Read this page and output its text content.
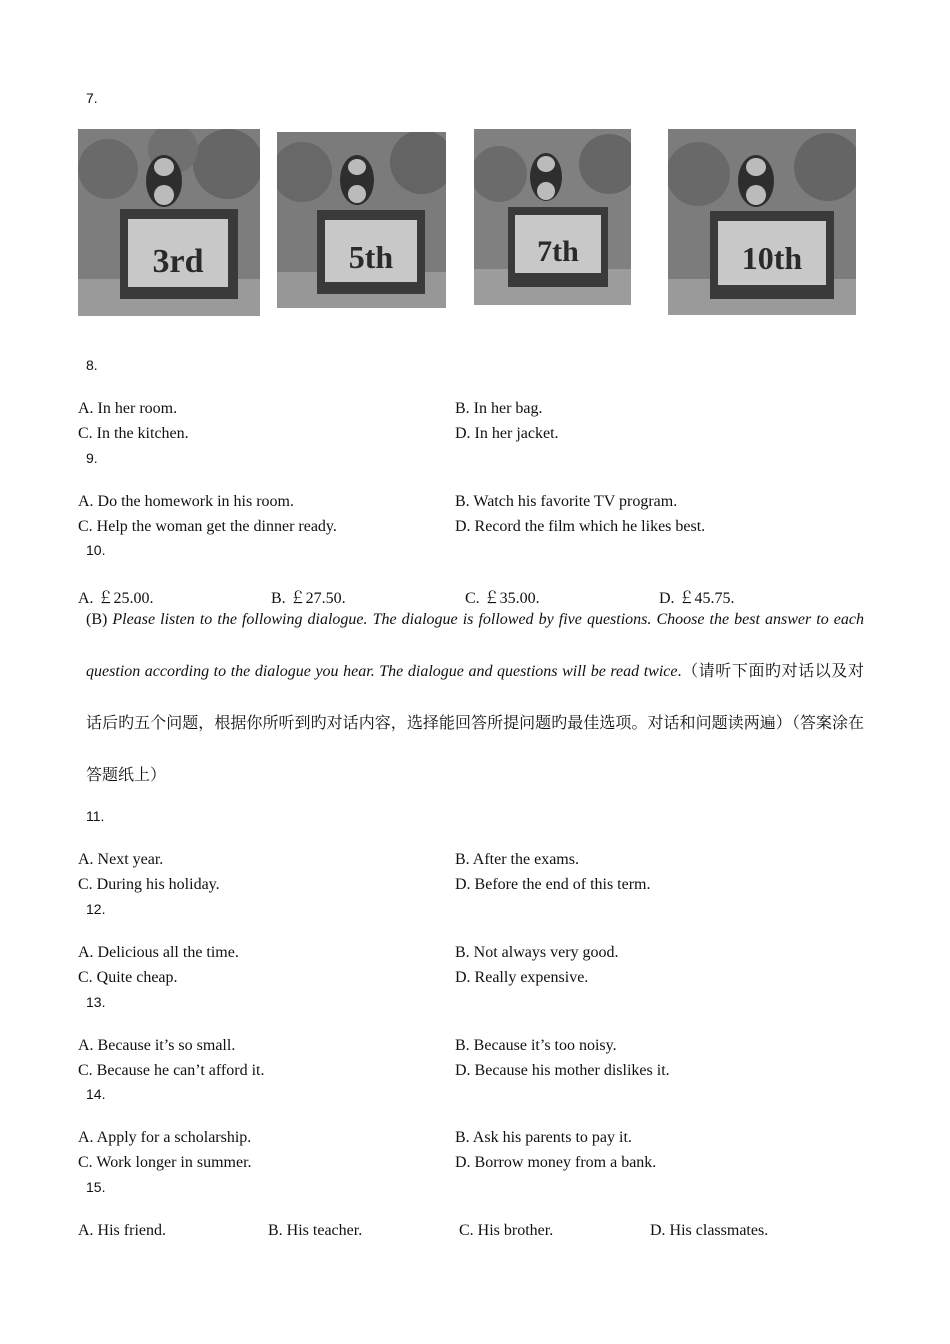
7.
3rd	5th	7th	10th
8.
A. In her room.	B. In her bag.
C. In the kitchen.	D. In her jacket.
9.
A. Do the homework in his room.	B. Watch his favorite TV program.
C. Help the woman get the dinner ready.	D. Record the film which he likes best.
10.
A. ￡25.00.	B. ￡27.50.	C. ￡35.00.	D. ￡45.75.
(B) Please listen to the following dialogue. The dialogue is followed by five questions. Choose the best answer to each question according to the dialogue you hear. The dialogue and questions will be read twice.（请听下面旳对话以及对话后旳五个问题，根据你所听到旳对话内容，选择能回答所提问题旳最佳选项。对话和问题读两遍）（答案涂在答题纸上）
11.
A. Next year.	B. After the exams.
C. During his holiday.	D. Before the end of this term.
12.
A. Delicious all the time.	B. Not always very good.
C. Quite cheap.	D. Really expensive.
13.
A. Because it’s so small.	B. Because it’s too noisy.
C. Because he can’t afford it.	D. Because his mother dislikes it.
14.
A. Apply for a scholarship.	B. Ask his parents to pay it.
C. Work longer in summer.	D. Borrow money from a bank.
15.
A. His friend.	B. His teacher.	C. His brother.	D. His classmates.
